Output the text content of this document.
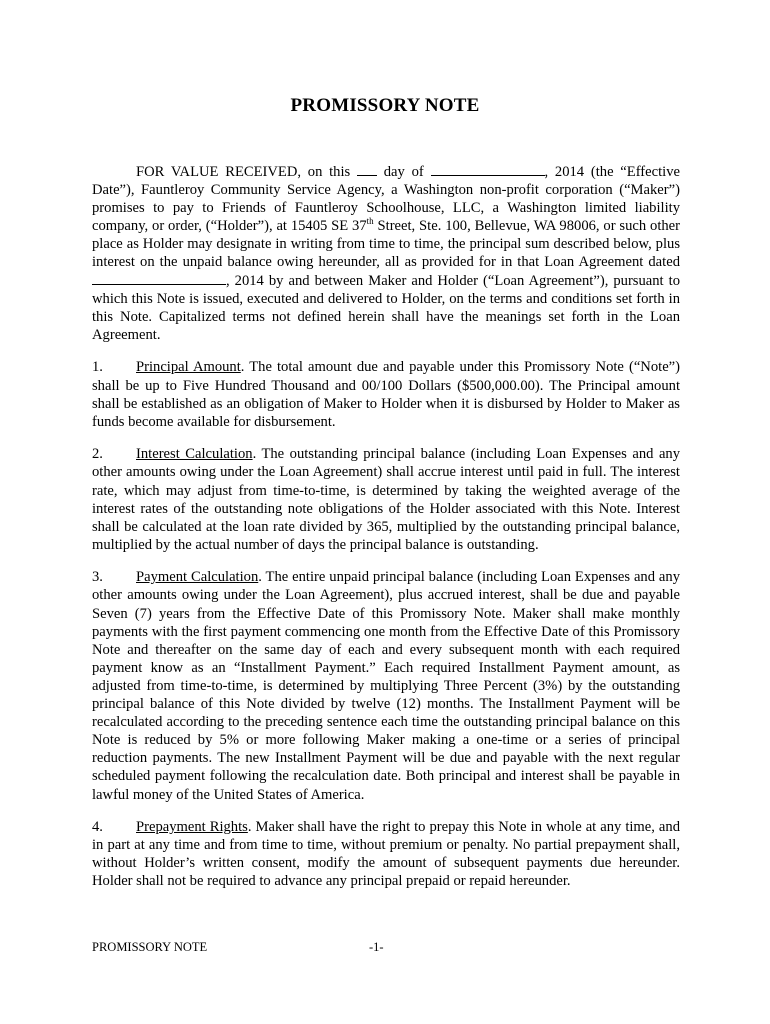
PROMISSORY NOTE

FOR VALUE RECEIVED, on this  day of	, 2014 (the “Effective Date”), Fauntleroy Community Service Agency, a Washington non-profit corporation (“Maker”) promises to pay to Friends of Fauntleroy Schoolhouse, LLC, a Washington limited liability company, or order, (“Holder”), at 15405 SE 37th Street, Ste. 100, Bellevue, WA 98006, or such other place as Holder may designate in writing from time to time, the principal sum described below, plus interest on the unpaid balance owing hereunder, all as provided for in that Loan Agreement dated , 2014 by and between Maker and Holder (“Loan Agreement”), pursuant to which this Note is issued, executed and delivered to Holder, on the terms and conditions set forth in this Note. Capitalized terms not defined herein shall have the meanings set forth in the Loan Agreement.

1. Principal Amount. The total amount due and payable under this Promissory Note (“Note”) shall be up to Five Hundred Thousand and 00/100 Dollars ($500,000.00). The Principal amount shall be established as an obligation of Maker to Holder when it is disbursed by Holder to Maker as funds become available for disbursement.

2. Interest Calculation. The outstanding principal balance (including Loan Expenses and any other amounts owing under the Loan Agreement) shall accrue interest until paid in full. The interest rate, which may adjust from time-to-time, is determined by taking the weighted average of the interest rates of the outstanding note obligations of the Holder associated with this Note. Interest shall be calculated at the loan rate divided by 365, multiplied by the outstanding principal balance, multiplied by the actual number of days the principal balance is outstanding.

3. Payment Calculation. The entire unpaid principal balance (including Loan Expenses and any other amounts owing under the Loan Agreement), plus accrued interest, shall be due and payable Seven (7) years from the Effective Date of this Promissory Note. Maker shall make monthly payments with the first payment commencing one month from the Effective Date of this Promissory Note and thereafter on the same day of each and every subsequent month with each required payment know as an “Installment Payment.” Each required Installment Payment amount, as adjusted from time-to-time, is determined by multiplying Three Percent (3%) by the outstanding principal balance of this Note divided by twelve (12) months. The Installment Payment will be recalculated according to the preceding sentence each time the outstanding principal balance on this Note is reduced by 5% or more following Maker making a one-time or a series of principal reduction payments. The new Installment Payment will be due and payable with the next regular scheduled payment following the recalculation date. Both principal and interest shall be payable in lawful money of the United States of America.

4. Prepayment Rights. Maker shall have the right to prepay this Note in whole at any time, and in part at any time and from time to time, without premium or penalty. No partial prepayment shall, without Holder’s written consent, modify the amount of subsequent payments due hereunder. Holder shall not be required to advance any principal prepaid or repaid hereunder.

PROMISSORY NOTE	-1-
